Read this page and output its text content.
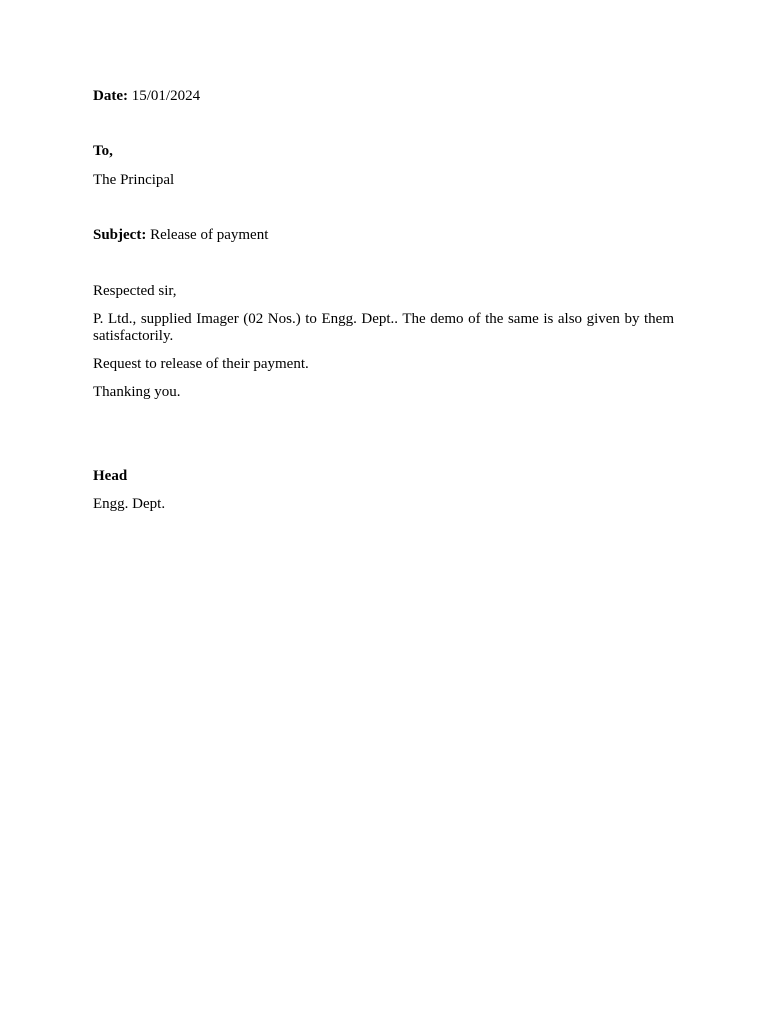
Date: 15/01/2024
To,
The Principal
Subject: Release of payment
Respected sir,
P. Ltd., supplied Imager (02 Nos.) to Engg. Dept.. The demo of the same is also given by them satisfactorily.
Request to release of their payment.
Thanking you.
Head
Engg. Dept.
